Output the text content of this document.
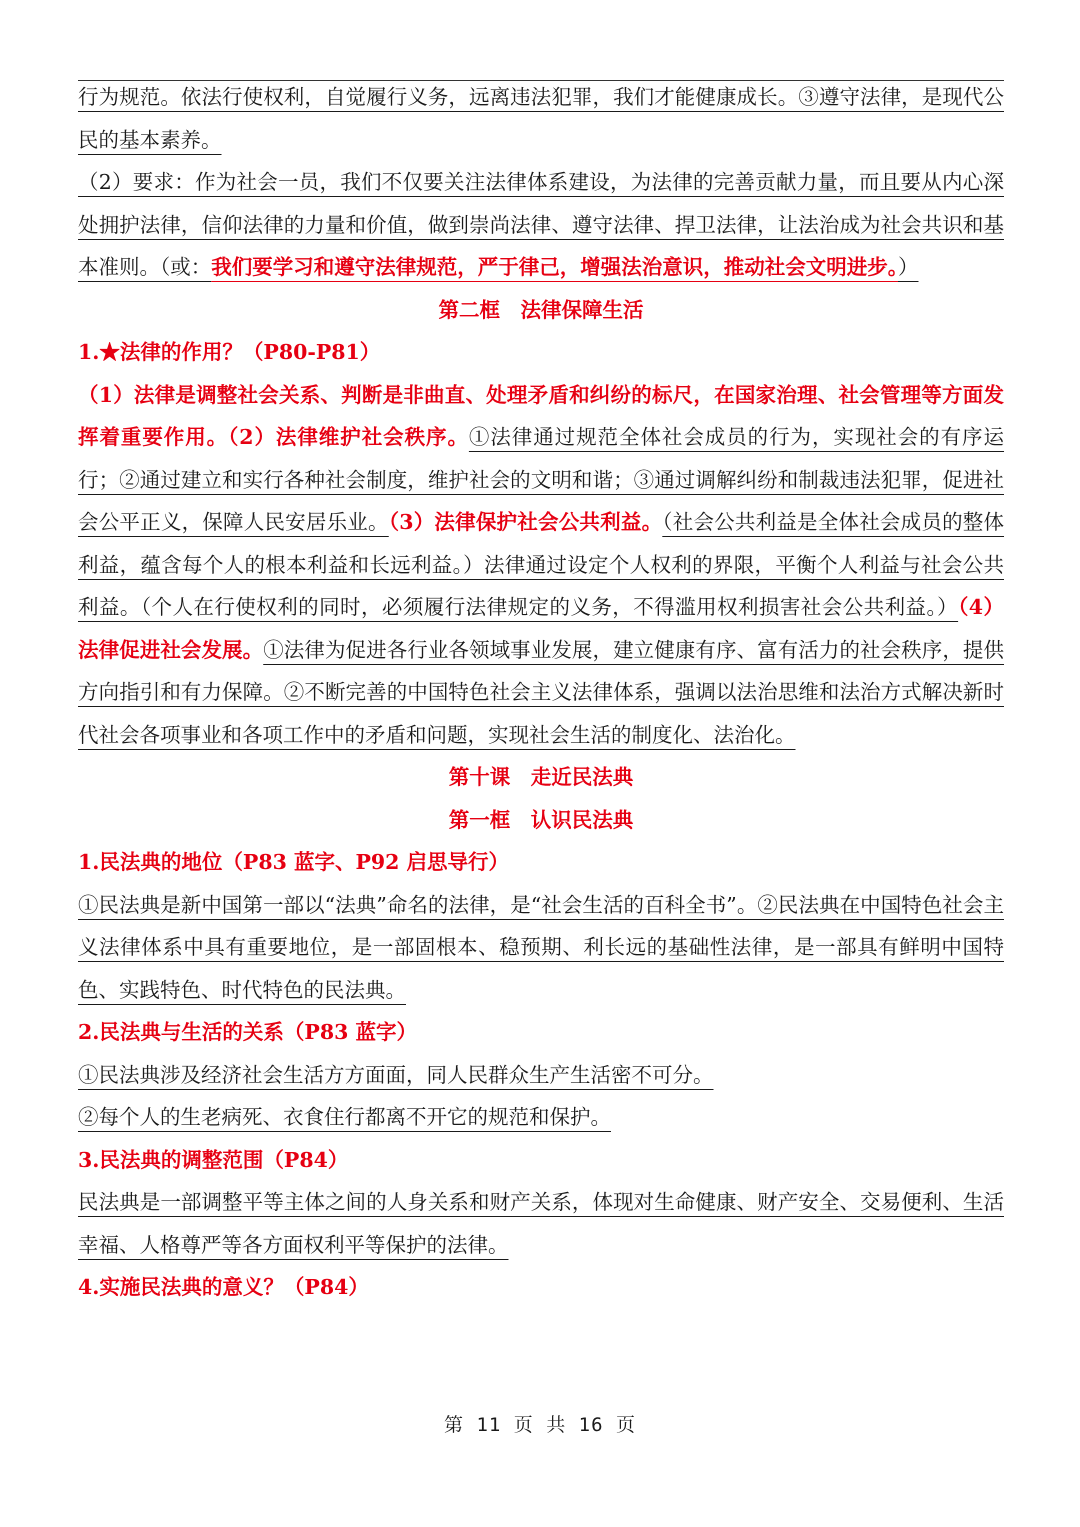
行为规范。依法行使权利，自觉履行义务，远离违法犯罪，我们才能健康成长。③遵守法律，是现代公民的基本素养。

（2）要求：作为社会一员，我们不仅要关注法律体系建设，为法律的完善贡献力量，而且要从内心深处拥护法律，信仰法律的力量和价值，做到崇尚法律、遵守法律、捍卫法律，让法治成为社会共识和基本准则。（或：我们要学习和遵守法律规范，严于律己，增强法治意识，推动社会文明进步。）

第二框　法律保障生活

1.★法律的作用？（P80-P81）

（1）法律是调整社会关系、判断是非曲直、处理矛盾和纠纷的标尺，在国家治理、社会管理等方面发挥着重要作用。（2）法律维护社会秩序。①法律通过规范全体社会成员的行为，实现社会的有序运行；②通过建立和实行各种社会制度，维护社会的文明和谐；③通过调解纠纷和制裁违法犯罪，促进社会公平正义，保障人民安居乐业。（3）法律保护社会公共利益。（社会公共利益是全体社会成员的整体利益，蕴含每个人的根本利益和长远利益。）法律通过设定个人权利的界限，平衡个人利益与社会公共利益。（个人在行使权利的同时，必须履行法律规定的义务，不得滥用权利损害社会公共利益。）（4）法律促进社会发展。①法律为促进各行业各领域事业发展，建立健康有序、富有活力的社会秩序，提供方向指引和有力保障。②不断完善的中国特色社会主义法律体系，强调以法治思维和法治方式解决新时代社会各项事业和各项工作中的矛盾和问题，实现社会生活的制度化、法治化。

第十课　走近民法典

第一框　认识民法典

1.民法典的地位（P83 蓝字、P92 启思导行）

①民法典是新中国第一部以“法典”命名的法律，是“社会生活的百科全书”。②民法典在中国特色社会主义法律体系中具有重要地位，是一部固根本、稳预期、利长远的基础性法律，是一部具有鲜明中国特色、实践特色、时代特色的民法典。

2.民法典与生活的关系（P83 蓝字）

①民法典涉及经济社会生活方方面面，同人民群众生产生活密不可分。

②每个人的生老病死、衣食住行都离不开它的规范和保护。

3.民法典的调整范围（P84）

民法典是一部调整平等主体之间的人身关系和财产关系，体现对生命健康、财产安全、交易便利、生活幸福、人格尊严等各方面权利平等保护的法律。

4.实施民法典的意义？（P84）

第 11 页 共 16 页
